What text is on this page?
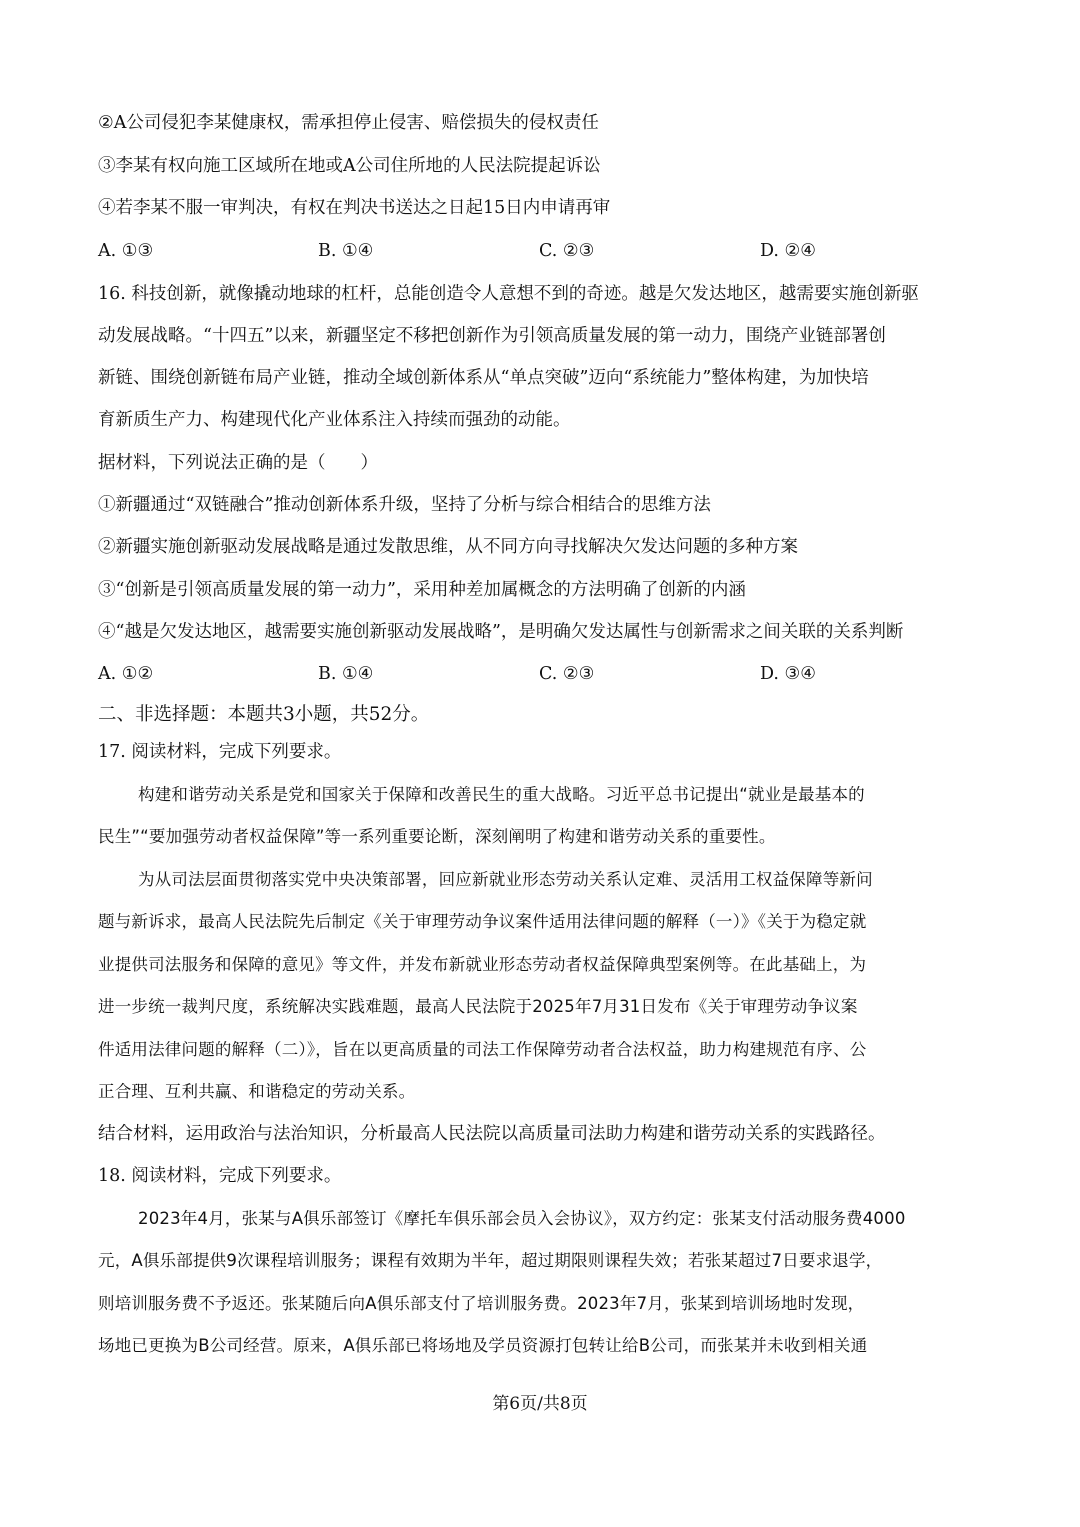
②A公司侵犯李某健康权，需承担停止侵害、赔偿损失的侵权责任
③李某有权向施工区域所在地或A公司住所地的人民法院提起诉讼
④若李某不服一审判决，有权在判决书送达之日起15日内申请再审
A. ①③	B. ①④	C. ②③	D. ②④
16. 科技创新，就像撬动地球的杠杆，总能创造令人意想不到的奇迹。越是欠发达地区，越需要实施创新驱
动发展战略。“十四五”以来，新疆坚定不移把创新作为引领高质量发展的第一动力，围绕产业链部署创
新链、围绕创新链布局产业链，推动全域创新体系从“单点突破”迈向“系统能力”整体构建，为加快培
育新质生产力、构建现代化产业体系注入持续而强劲的动能。
据材料，下列说法正确的是（　　）
①新疆通过“双链融合”推动创新体系升级，坚持了分析与综合相结合的思维方法
②新疆实施创新驱动发展战略是通过发散思维，从不同方向寻找解决欠发达问题的多种方案
③“创新是引领高质量发展的第一动力”，采用种差加属概念的方法明确了创新的内涵
④“越是欠发达地区，越需要实施创新驱动发展战略”，是明确欠发达属性与创新需求之间关联的关系判断
A. ①②	B. ①④	C. ②③	D. ③④
二、非选择题：本题共3小题，共52分。
17. 阅读材料，完成下列要求。
构建和谐劳动关系是党和国家关于保障和改善民生的重大战略。习近平总书记提出“就业是最基本的
民生”“要加强劳动者权益保障”等一系列重要论断，深刻阐明了构建和谐劳动关系的重要性。
为从司法层面贯彻落实党中央决策部署，回应新就业形态劳动关系认定难、灵活用工权益保障等新问
题与新诉求，最高人民法院先后制定《关于审理劳动争议案件适用法律问题的解释（一）》《关于为稳定就
业提供司法服务和保障的意见》等文件，并发布新就业形态劳动者权益保障典型案例等。在此基础上，为
进一步统一裁判尺度，系统解决实践难题，最高人民法院于2025年7月31日发布《关于审理劳动争议案
件适用法律问题的解释（二）》，旨在以更高质量的司法工作保障劳动者合法权益，助力构建规范有序、公
正合理、互利共赢、和谐稳定的劳动关系。
结合材料，运用政治与法治知识，分析最高人民法院以高质量司法助力构建和谐劳动关系的实践路径。
18. 阅读材料，完成下列要求。
2023年4月，张某与A俱乐部签订《摩托车俱乐部会员入会协议》，双方约定：张某支付活动服务费4000
元，A俱乐部提供9次课程培训服务；课程有效期为半年，超过期限则课程失效；若张某超过7日要求退学，
则培训服务费不予返还。张某随后向A俱乐部支付了培训服务费。2023年7月，张某到培训场地时发现，
场地已更换为B公司经营。原来，A俱乐部已将场地及学员资源打包转让给B公司，而张某并未收到相关通
第6页/共8页
